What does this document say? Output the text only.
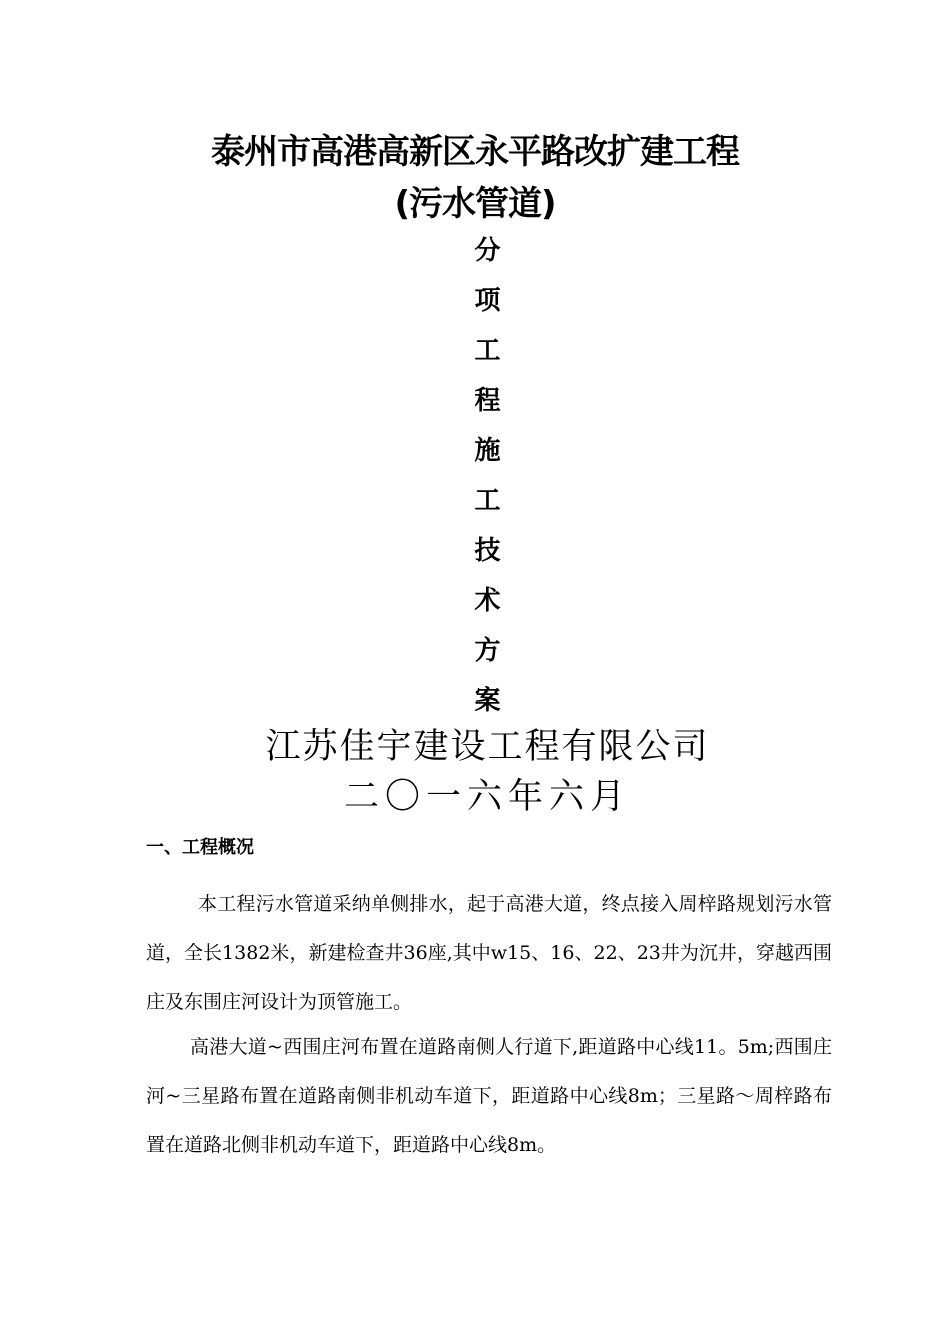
泰州市高港高新区永平路改扩建工程
(污水管道)
分
项
工
程
施
工
技
术
方
案
江苏佳宇建设工程有限公司
二〇一六年六月
一、工程概况

本工程污水管道采纳单侧排水，起于高港大道，终点接入周梓路规划污水管道，全长1382米，新建检查井36座,其中w15、16、22、23井为沉井，穿越西围庄及东围庄河设计为顶管施工。

高港大道~西围庄河布置在道路南侧人行道下,距道路中心线11。5m;西围庄河~三星路布置在道路南侧非机动车道下，距道路中心线8m；三星路～周梓路布置在道路北侧非机动车道下，距道路中心线8m。
